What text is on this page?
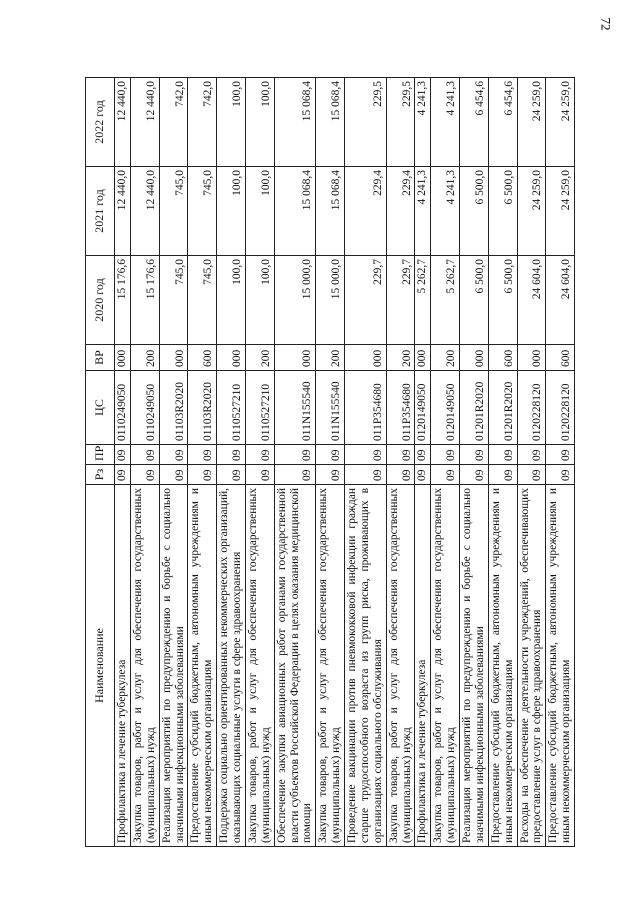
72
Наименование	Рз	ПР	ЦС	ВР	2020 год	2021 год	2022 год
Профилактика и лечение туберкулеза	09	09	0110249050	000	15 176,6	12 440,0	12 440,0
Закупка товаров, работ и услуг для обеспечения государственных (муниципальных) нужд	09	09	0110249050	200	15 176,6	12 440,0	12 440,0
Реализация мероприятий по предупреждению и борьбе с социально значимыми инфекционными заболеваниями	09	09	01103R2020	000	745,0	745,0	742,0
Предоставление субсидий бюджетным, автономным учреждениям и иным некоммерческим организациям	09	09	01103R2020	600	745,0	745,0	742,0
Поддержка социально ориентированных некоммерческих организаций, оказывающих социальные услуги в сфере здравоохранения	09	09	0110527210	000	100,0	100,0	100,0
Закупка товаров, работ и услуг для обеспечения государственных (муниципальных) нужд	09	09	0110527210	200	100,0	100,0	100,0
Обеспечение закупки авиационных работ органами государственной власти субъектов Российской Федерации в целях оказания медицинской помощи	09	09	011N155540	000	15 000,0	15 068,4	15 068,4
Закупка товаров, работ и услуг для обеспечения государственных (муниципальных) нужд	09	09	011N155540	200	15 000,0	15 068,4	15 068,4
Проведение вакцинации против пневмококковой инфекции граждан старше трудоспособного возраста из групп риска, проживающих в организациях социального обслуживания	09	09	011P354680	000	229,7	229,4	229,5
Закупка товаров, работ и услуг для обеспечения государственных (муниципальных) нужд	09	09	011P354680	200	229,7	229,4	229,5
Профилактика и лечение туберкулеза	09	09	0120149050	000	5 262,7	4 241,3	4 241,3
Закупка товаров, работ и услуг для обеспечения государственных (муниципальных) нужд	09	09	0120149050	200	5 262,7	4 241,3	4 241,3
Реализация мероприятий по предупреждению и борьбе с социально значимыми инфекционными заболеваниями	09	09	01201R2020	000	6 500,0	6 500,0	6 454,6
Предоставление субсидий бюджетным, автономным учреждениям и иным некоммерческим организациям	09	09	01201R2020	600	6 500,0	6 500,0	6 454,6
Расходы на обеспечение деятельности учреждений, обеспечивающих предоставление услуг в сфере здравоохранения	09	09	0120228120	000	24 604,0	24 259,0	24 259,0
Предоставление субсидий бюджетным, автономным учреждениям и иным некоммерческим организациям	09	09	0120228120	600	24 604,0	24 259,0	24 259,0
